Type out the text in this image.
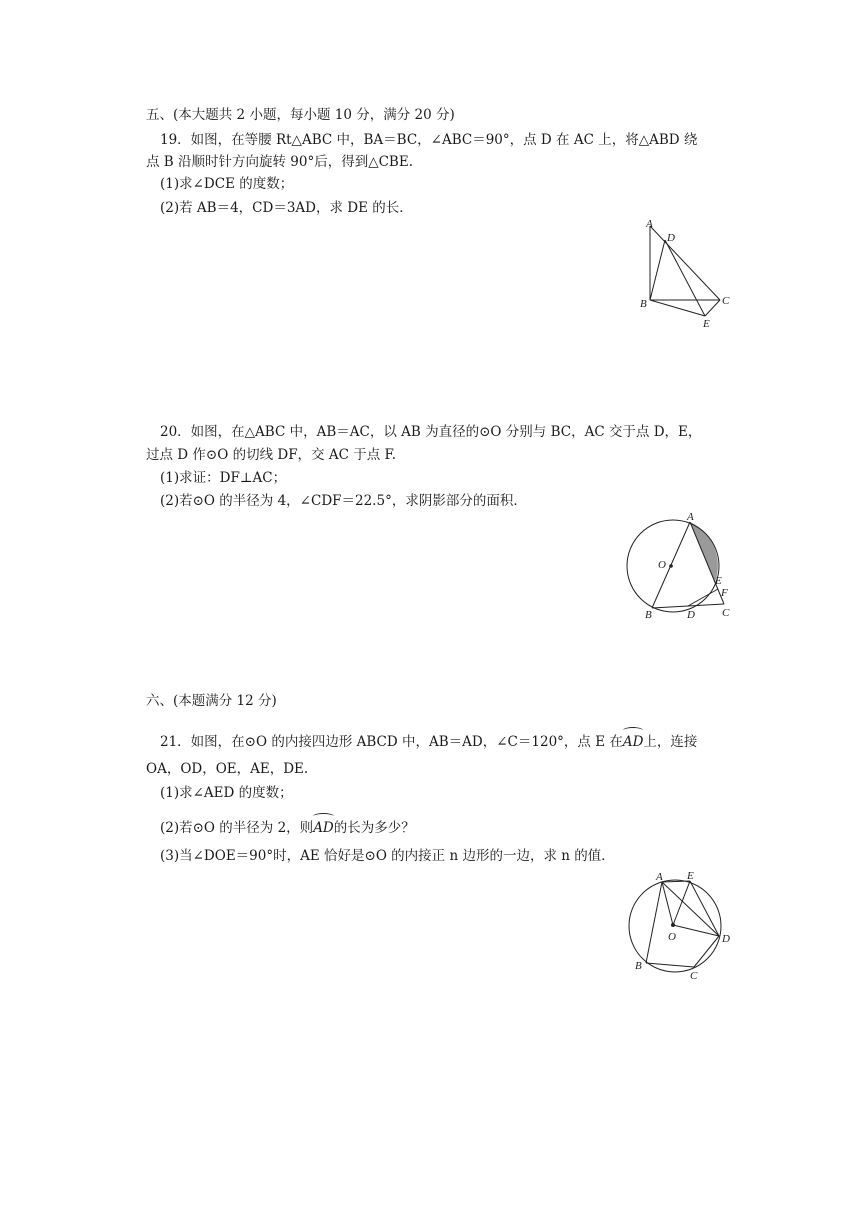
五、(本大题共 2 小题，每小题 10 分，满分 20 分)
19．如图，在等腰 Rt△ABC 中，BA＝BC，∠ABC＝90°，点 D 在 AC 上，将△ABD 绕
点 B 沿顺时针方向旋转 90°后，得到△CBE.
(1)求∠DCE 的度数；
(2)若 AB＝4，CD＝3AD，求 DE 的长．
A
D
B	C
E
20．如图，在△ABC 中，AB＝AC，以 AB 为直径的⊙O 分别与 BC，AC 交于点 D，E，
过点 D 作⊙O 的切线 DF，交 AC 于点 F.
(1)求证：DF⊥AC；
(2)若⊙O 的半径为 4，∠CDF＝22.5°，求阴影部分的面积．
A
O
E
F
B	D C
六、(本题满分 12 分)
21．如图，在⊙O 的内接四边形 ABCD 中，AB＝AD，∠C＝120°，点 E 在
AD上，连接
OA，OD，OE，AE，DE.
(1)求∠AED 的度数；
(2)若⊙O 的半径为 2，则
AD的长为多少？
(3)当∠DOE＝90°时，AE 恰好是⊙O 的内接正 n 边形的一边，求 n 的值．
A E
O	D
B
C
